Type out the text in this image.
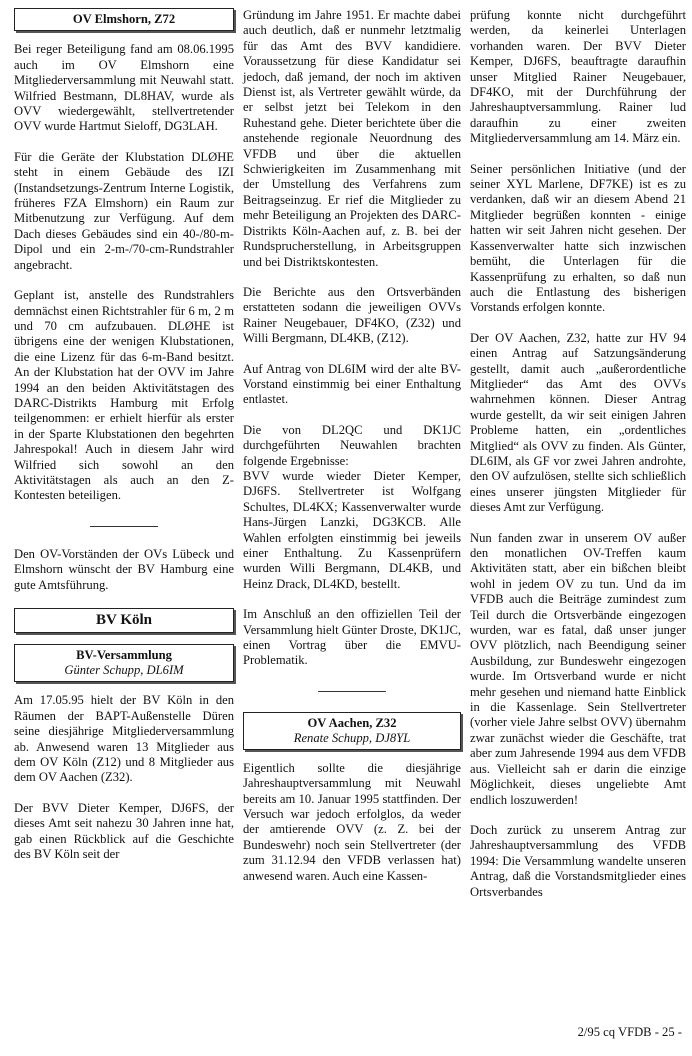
OV Elmshorn, Z72

Bei reger Beteiligung fand am 08.06.1995 auch im OV Elmshorn eine Mitgliederversammlung mit Neuwahl statt. Wilfried Bestmann, DL8HAV, wurde als OVV wiedergewählt, stellvertretender OVV wurde Hartmut Sieloff, DG3LAH.

Für die Geräte der Klubstation DLØHE steht in einem Gebäude des IZI (Instandsetzungs-Zentrum Interne Logistik, früheres FZA Elmshorn) ein Raum zur Mitbenutzung zur Verfügung. Auf dem Dach dieses Gebäudes sind ein 40-/80-m-Dipol und ein 2-m-/70-cm-Rundstrahler angebracht.

Geplant ist, anstelle des Rundstrahlers demnächst einen Richtstrahler für 6 m, 2 m und 70 cm aufzubauen. DLØHE ist übrigens eine der wenigen Klubstationen, die eine Lizenz für das 6-m-Band besitzt. An der Klubstation hat der OVV im Jahre 1994 an den beiden Aktivitätstagen des DARC-Distrikts Hamburg mit Erfolg teilgenommen: er erhielt hierfür als erster in der Sparte Klubstationen den begehrten Jahrespokal! Auch in diesem Jahr wird Wilfried sich sowohl an den Aktivitätstagen als auch an den Z-Kontesten beteiligen.

Den OV-Vorständen der OVs Lübeck und Elmshorn wünscht der BV Hamburg eine gute Amtsführung.

BV Köln
BV-Versammlung
Günter Schupp, DL6IM

Am 17.05.95 hielt der BV Köln in den Räumen der BAPT-Außenstelle Düren seine diesjährige Mitgliederversammlung ab. Anwesend waren 13 Mitglieder aus dem OV Köln (Z12) und 8 Mitglieder aus dem OV Aachen (Z32).

Der BVV Dieter Kemper, DJ6FS, der dieses Amt seit nahezu 30 Jahren inne hat, gab einen Rückblick auf die Geschichte des BV Köln seit der

Gründung im Jahre 1951. Er machte dabei auch deutlich, daß er nunmehr letztmalig für das Amt des BVV kandidiere. Voraussetzung für diese Kandidatur sei jedoch, daß jemand, der noch im aktiven Dienst ist, als Vertreter gewählt würde, da er selbst jetzt bei Telekom in den Ruhestand gehe. Dieter berichtete über die anstehende regionale Neuordnung des VFDB und über die aktuellen Schwierigkeiten im Zusammenhang mit der Umstellung des Verfahrens zum Beitragseinzug. Er rief die Mitglieder zu mehr Beteiligung an Projekten des DARC-Distrikts Köln-Aachen auf, z. B. bei der Rundsprucherstellung, in Arbeitsgruppen und bei Distriktskontesten.

Die Berichte aus den Ortsverbänden erstatteten sodann die jeweiligen OVVs Rainer Neugebauer, DF4KO, (Z32) und Willi Bergmann, DL4KB, (Z12).

Auf Antrag von DL6IM wird der alte BV-Vorstand einstimmig bei einer Enthaltung entlastet.

Die von DL2QC und DK1JC durchgeführten Neuwahlen brachten folgende Ergebnisse:

BVV wurde wieder Dieter Kemper, DJ6FS. Stellvertreter ist Wolfgang Schultes, DL4KX; Kassenverwalter wurde Hans-Jürgen Lanzki, DG3KCB. Alle Wahlen erfolgten einstimmig bei jeweils einer Enthaltung. Zu Kassenprüfern wurden Willi Bergmann, DL4KB, und Heinz Drack, DL4KD, bestellt.

Im Anschluß an den offiziellen Teil der Versammlung hielt Günter Droste, DK1JC, einen Vortrag über die EMVU-Problematik.

OV Aachen, Z32
Renate Schupp, DJ8YL

Eigentlich sollte die diesjährige Jahreshauptversammlung mit Neuwahl bereits am 10. Januar 1995 stattfinden. Der Versuch war jedoch erfolglos, da weder der amtierende OVV (z. Z. bei der Bundeswehr) noch sein Stellvertreter (der zum 31.12.94 den VFDB verlassen hat) anwesend waren. Auch eine Kassen-

prüfung konnte nicht durchgeführt werden, da keinerlei Unterlagen vorhanden waren. Der BVV Dieter Kemper, DJ6FS, beauftragte daraufhin unser Mitglied Rainer Neugebauer, DF4KO, mit der Durchführung der Jahreshauptversammlung. Rainer lud daraufhin zu einer zweiten Mitgliederversammlung am 14. März ein.

Seiner persönlichen Initiative (und der seiner XYL Marlene, DF7KE) ist es zu verdanken, daß wir an diesem Abend 21 Mitglieder begrüßen konnten - einige hatten wir seit Jahren nicht gesehen. Der Kassenverwalter hatte sich inzwischen bemüht, die Unterlagen für die Kassenprüfung zu erhalten, so daß nun auch die Entlastung des bisherigen Vorstands erfolgen konnte.

Der OV Aachen, Z32, hatte zur HV 94 einen Antrag auf Satzungsänderung gestellt, damit auch „außerordentliche Mitglieder“ das Amt des OVVs wahrnehmen können. Dieser Antrag wurde gestellt, da wir seit einigen Jahren Probleme hatten, ein „ordentliches Mitglied“ als OVV zu finden. Als Günter, DL6IM, als GF vor zwei Jahren androhte, den OV aufzulösen, stellte sich schließlich eines unserer jüngsten Mitglieder für dieses Amt zur Verfügung.

Nun fanden zwar in unserem OV außer den monatlichen OV-Treffen kaum Aktivitäten statt, aber ein bißchen bleibt wohl in jedem OV zu tun. Und da im VFDB auch die Beiträge zumindest zum Teil durch die Ortsverbände eingezogen wurden, war es fatal, daß unser junger OVV plötzlich, nach Beendigung seiner Ausbildung, zur Bundeswehr eingezogen wurde. Im Ortsverband wurde er nicht mehr gesehen und niemand hatte Einblick in die Kassenlage. Sein Stellvertreter (vorher viele Jahre selbst OVV) übernahm zwar zunächst wieder die Geschäfte, trat aber zum Jahresende 1994 aus dem VFDB aus. Vielleicht sah er darin die einzige Möglichkeit, dieses ungeliebte Amt endlich loszuwerden!

Doch zurück zu unserem Antrag zur Jahreshauptversammlung des VFDB 1994: Die Versammlung wandelte unseren Antrag, daß die Vorstandsmitglieder eines Ortsverbandes

2/95 cq VFDB - 25 -
